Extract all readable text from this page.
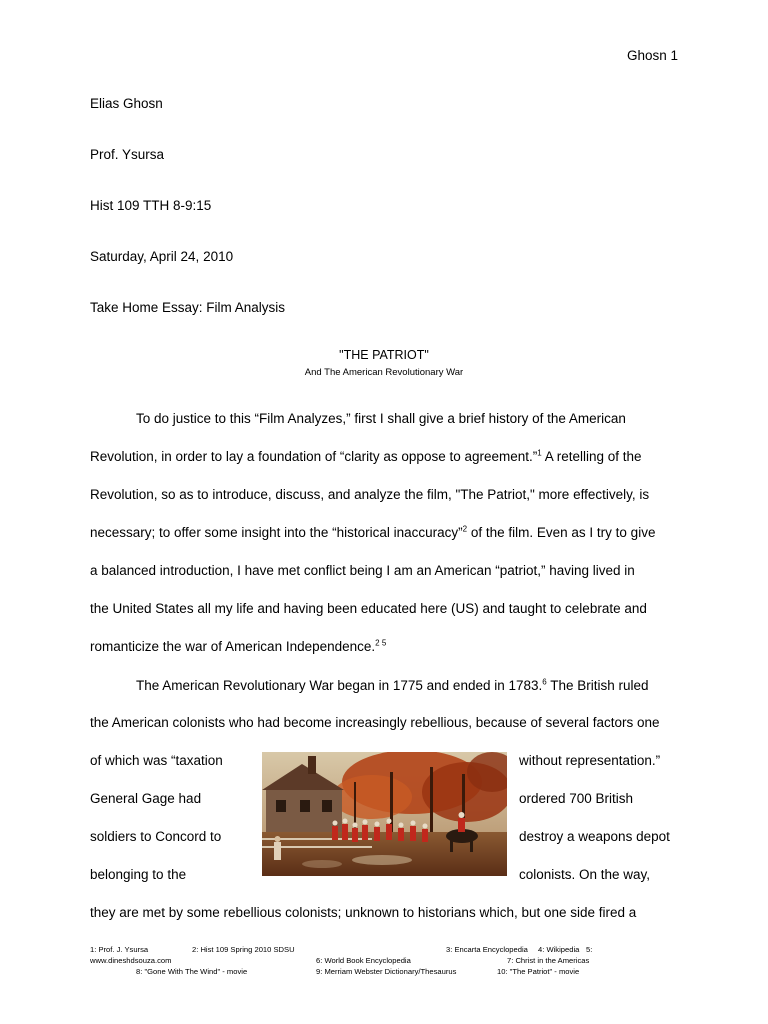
Ghosn 1
Elias Ghosn
Prof. Ysursa
Hist 109 TTH 8-9:15
Saturday, April 24, 2010
Take Home Essay: Film Analysis
"THE PATRIOT"
And The American Revolutionary War
To do justice to this “Film Analyzes,” first I shall give a brief history of the American
Revolution, in order to lay a foundation of “clarity as oppose to agreement.”$^1$ A retelling of the
Revolution, so as to introduce, discuss, and analyze the film, "The Patriot," more effectively, is
necessary; to offer some insight into the “historical inaccuracy”$^2$ of the film. Even as I try to give
a balanced introduction, I have met conflict being I am an American “patriot,” having lived in
the United States all my life and having been educated here (US) and taught to celebrate and
romanticize the war of American Independence.$^{2 5}$
The American Revolutionary War began in 1775 and ended in 1783.$^6$ The British ruled
the American colonists who had become increasingly rebellious, because of several factors one
of which was “taxation	without representation.”
General Gage had	ordered 700 British
soldiers to Concord to	destroy a weapons depot
belonging to the	colonists. On the way,
they are met by some rebellious colonists; unknown to historians which, but one side fired a
1: Prof. J. Ysursa	2: Hist 109 Spring 2010 SDSU	3: Encarta Encyclopedia 4: Wikipedia 5:
www.dineshdsouza.com	6: World Book Encyclopedia	7: Christ in the Americas
8: "Gone With The Wind" - movie	9: Merriam Webster Dictionary/Thesaurus	10: "The Patriot" - movie
